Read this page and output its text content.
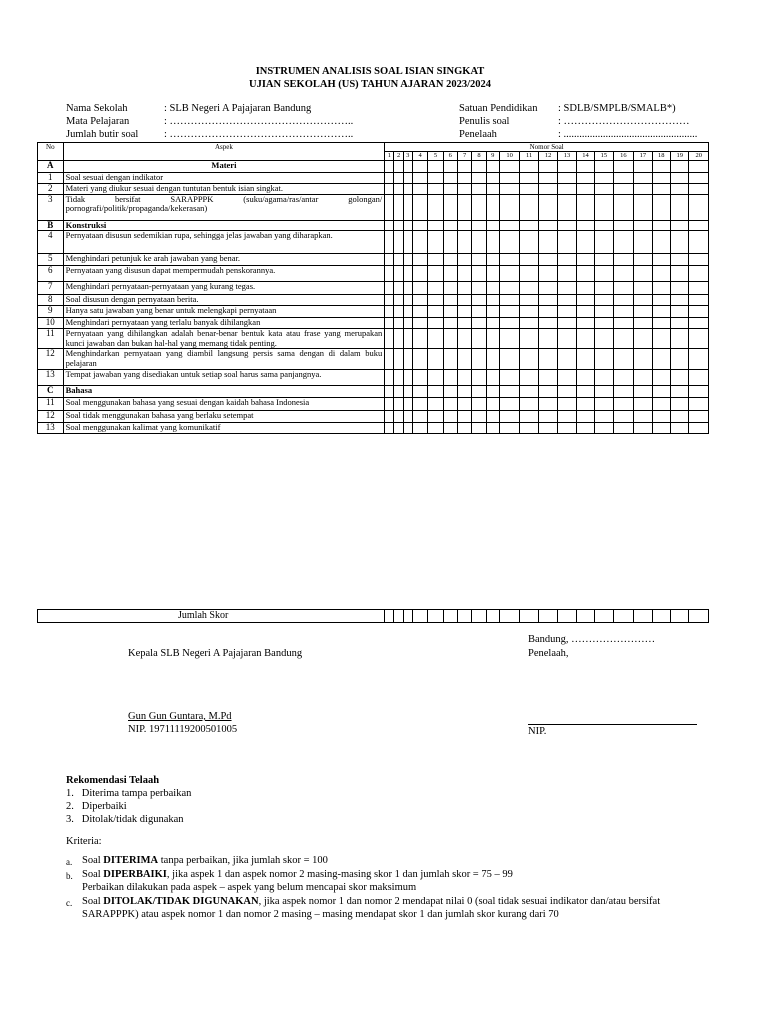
INSTRUMEN ANALISIS SOAL ISIAN SINGKAT
UJIAN SEKOLAH (US) TAHUN AJARAN 2023/2024
Nama Sekolah	: SLB Negeri A Pajajaran Bandung
Mata Pelajaran	: ……………………………………………..
Jumlah butir soal : ……………………………………………..
Satuan Pendidikan : SDLB/SMPLB/SMALB*)
Penulis soal	: ………………………………
Penelaah	: ...................................................
No	Aspek	Nomor Soal																			
		1	2	3	4	5	6	7	8	9	10	11	12	13	14	15	16	17	18	19	20
A	Materi																				
1	Soal sesuai dengan indikator																				
2	Materi yang diukur sesuai dengan tuntutan bentuk isian singkat.																				
3	Tidak bersifat SARAPPPK (suku/agama/ras/antar golongan/ pornografi/politik/propaganda/kekerasan)																				
B	Konstruksi																				
4	Pernyataan disusun sedemikian rupa, sehingga jelas jawaban yang diharapkan.																				
5	Menghindari petunjuk ke arah jawaban yang benar.																				
6	Pernyataan yang disusun dapat mempermudah penskorannya.																				
7	Menghindari pernyataan-pernyataan yang kurang tegas.																				
8	Soal disusun dengan pernyataan berita.																				
9	Hanya satu jawaban yang benar untuk melengkapi pernyataan																				
10	Menghindari pernyataan yang terlalu banyak dihilangkan																				
11	Pernyataan yang dihilangkan adalah benar-benar bentuk kata atau frase yang merupakan kunci jawaban dan bukan hal-hal yang memang tidak penting.																				
12	Menghindarkan pernyataan yang diambil langsung persis sama dengan di dalam buku pelajaran																				
13	Tempat jawaban yang disediakan untuk setiap soal harus sama panjangnya.																				
C	Bahasa																				
11	Soal menggunakan bahasa yang sesuai dengan kaidah bahasa Indonesia																				
12	Soal tidak menggunakan bahasa yang berlaku setempat																				
13	Soal menggunakan kalimat yang komunikatif																				
Jumlah Skor																				
Bandung, ……………………
Kepala SLB Negeri A Pajajaran Bandung	Penelaah,
Gun Gun Guntara, M.Pd
NIP. 19711119200501005	NIP.
Rekomendasi Telaah
1.   Diterima tampa perbaikan
2.   Diperbaiki
3.   Ditolak/tidak digunakan
Kriteria:
a. Soal DITERIMA tanpa perbaikan, jika jumlah skor = 100
b. Soal DIPERBAIKI, jika aspek 1 dan aspek nomor 2 masing-masing skor 1 dan jumlah skor = 75 – 99
Perbaikan dilakukan pada aspek – aspek yang belum mencapai skor maksimum
c. Soal DITOLAK/TIDAK DIGUNAKAN, jika aspek nomor 1 dan nomor 2 mendapat nilai 0 (soal tidak sesuai indikator dan/atau bersifat
SARAPPPK) atau aspek nomor 1 dan nomor 2 masing – masing mendapat skor 1 dan jumlah skor kurang dari 70
